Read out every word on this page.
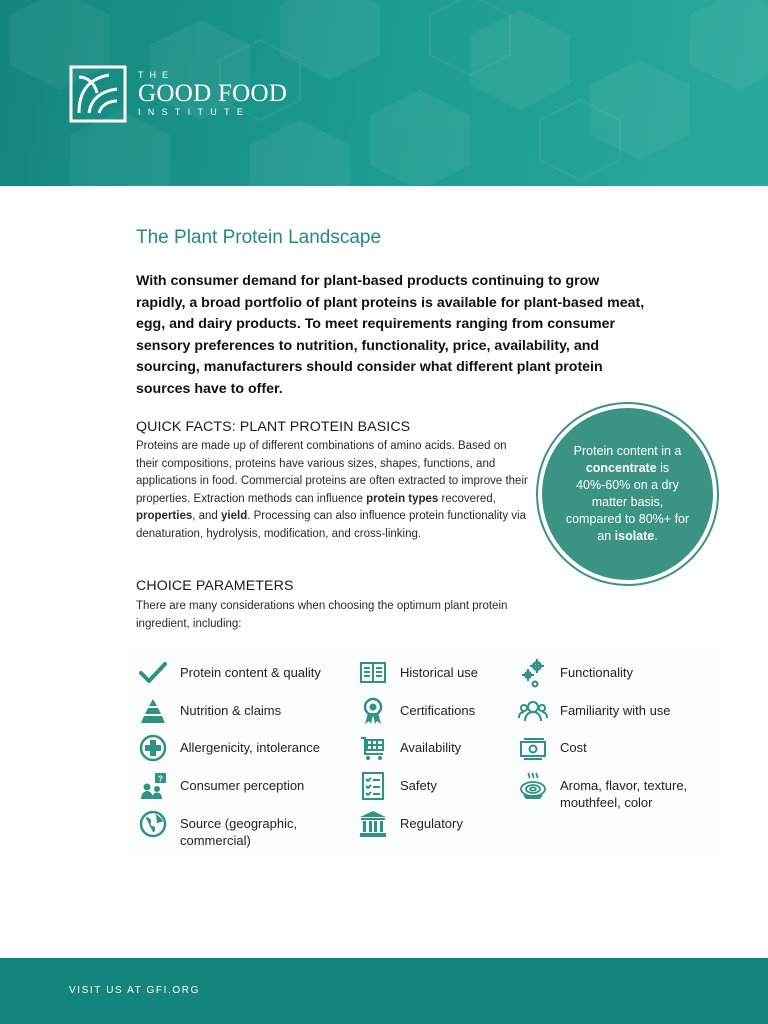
THE
GOOD FOOD
INSTITUTE
The Plant Protein Landscape
With consumer demand for plant-based products continuing to grow rapidly, a broad portfolio of plant proteins is available for plant-based meat, egg, and dairy products. To meet requirements ranging from consumer sensory preferences to nutrition, functionality, price, availability, and sourcing, manufacturers should consider what different plant protein sources have to offer.
QUICK FACTS: PLANT PROTEIN BASICS
Proteins are made up of different combinations of amino acids. Based on their compositions, proteins have various sizes, shapes, functions, and applications in food. Commercial proteins are often extracted to improve their properties. Extraction methods can influence protein types recovered, properties, and yield. Processing can also influence protein functionality via denaturation, hydrolysis, modification, and cross-linking.

Protein content in a concentrate is 40%-60% on a dry matter basis, compared to 80%+ for an isolate.

CHOICE PARAMETERS
There are many considerations when choosing the optimum plant protein ingredient, including:
Protein content & quality
Nutrition & claims
Allergenicity, intolerance
? Consumer perception
Source (geographic, commercial)
Historical use
Certifications
Availability
Safety
Regulatory
Functionality
Familiarity with use
Cost
Aroma, flavor, texture, mouthfeel, color
VISIT US AT GFI.ORG
